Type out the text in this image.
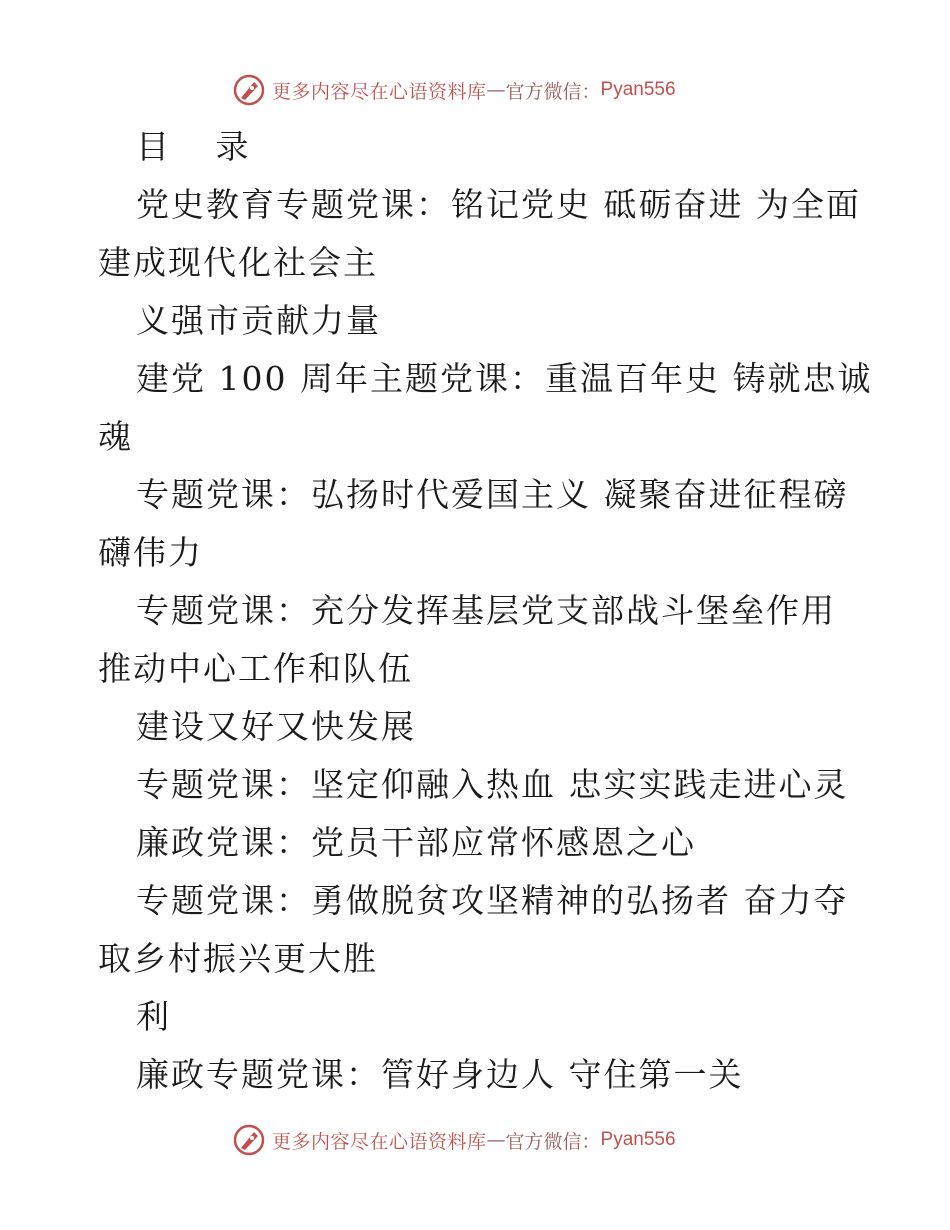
更多内容尽在心语资料库 — 官方微信： Pyan556
目 录
党史教育专题党课：铭记党史 砥砺奋进 为全面
建成现代化社会主
义强市贡献力量
建党 100 周年主题党课：重温百年史 铸就忠诚
魂
专题党课：弘扬时代爱国主义 凝聚奋进征程磅
礴伟力
专题党课：充分发挥基层党支部战斗堡垒作用
推动中心工作和队伍
建设又好又快发展
专题党课：坚定仰融入热血 忠实实践走进心灵
廉政党课：党员干部应常怀感恩之心
专题党课：勇做脱贫攻坚精神的弘扬者 奋力夺
取乡村振兴更大胜
利
廉政专题党课：管好身边人 守住第一关
更多内容尽在心语资料库 — 官方微信： Pyan556
